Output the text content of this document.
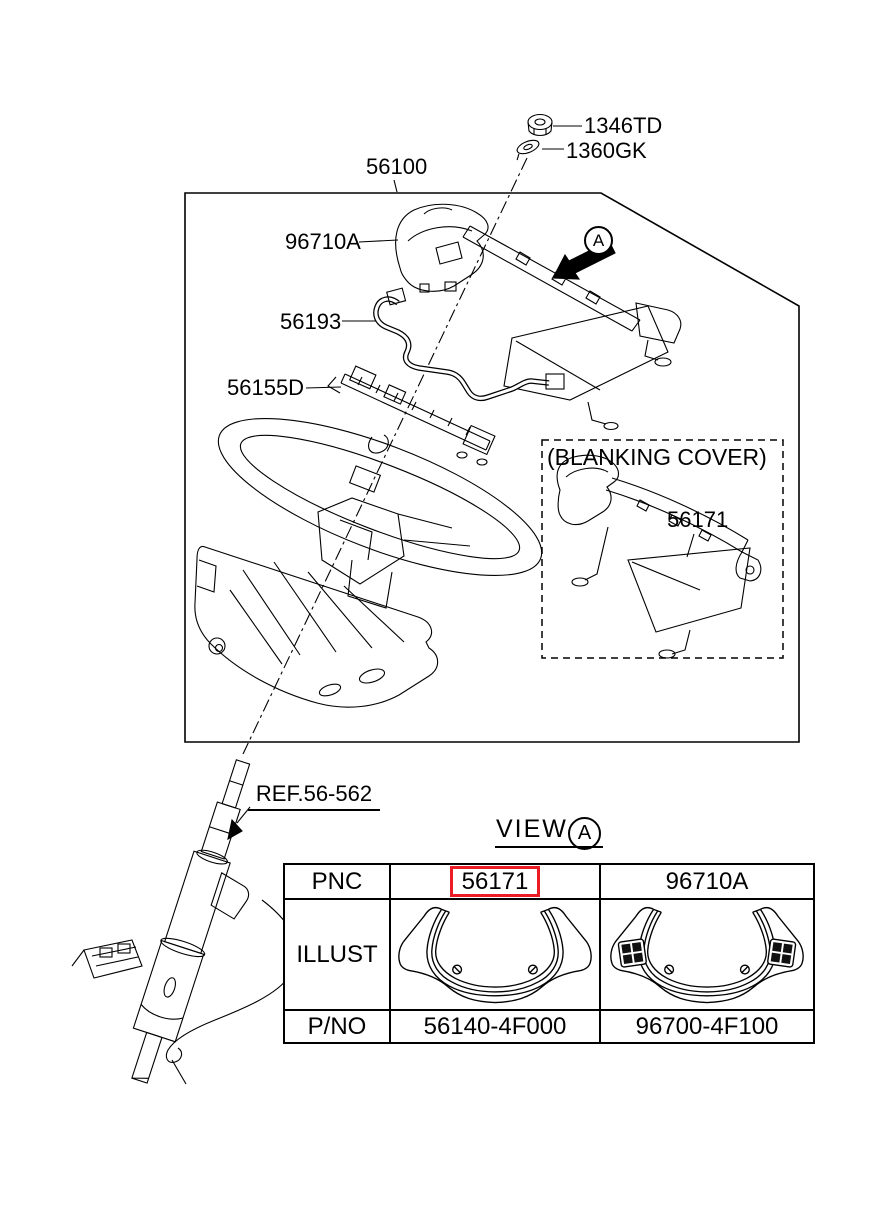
1346TD
1360GK
56100
96710A
56193
56155D
(BLANKING COVER)
56171
REF.56-562
A
VIEW A
PNC	56171	96710A
ILLUST
P/NO	56140-4F000	96700-4F100
